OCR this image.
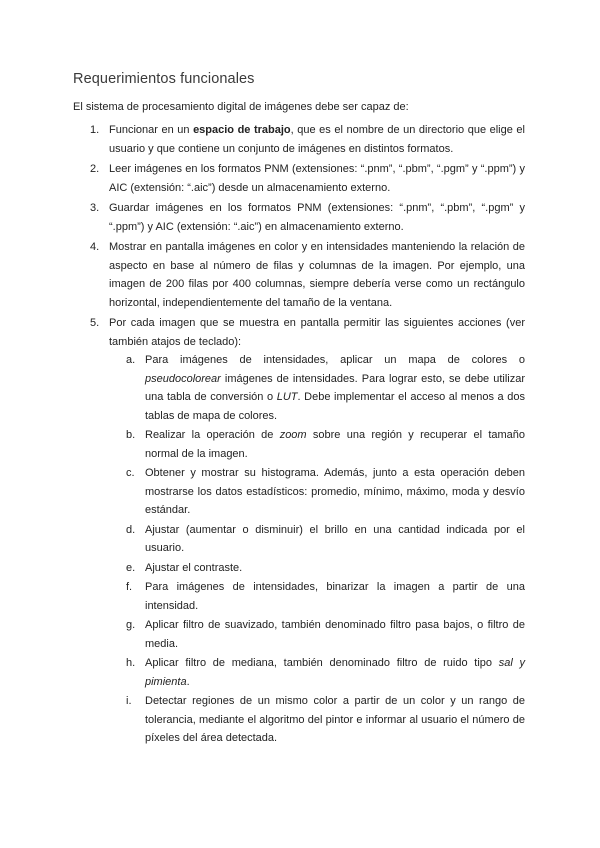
Requerimientos funcionales

El sistema de procesamiento digital de imágenes debe ser capaz de:

1. Funcionar en un espacio de trabajo, que es el nombre de un directorio que elige el usuario y que contiene un conjunto de imágenes en distintos formatos.
2. Leer imágenes en los formatos PNM (extensiones: “.pnm”, “.pbm”, “.pgm” y “.ppm”) y AIC (extensión: “.aic”) desde un almacenamiento externo.
3. Guardar imágenes en los formatos PNM (extensiones: “.pnm”, “.pbm”, “.pgm” y “.ppm”) y AIC (extensión: “.aic”) en almacenamiento externo.
4. Mostrar en pantalla imágenes en color y en intensidades manteniendo la relación de aspecto en base al número de filas y columnas de la imagen. Por ejemplo, una imagen de 200 filas por 400 columnas, siempre debería verse como un rectángulo horizontal, independientemente del tamaño de la ventana.
5. Por cada imagen que se muestra en pantalla permitir las siguientes acciones (ver también atajos de teclado):
a. Para imágenes de intensidades, aplicar un mapa de colores o pseudocolorear imágenes de intensidades. Para lograr esto, se debe utilizar una tabla de conversión o LUT. Debe implementar el acceso al menos a dos tablas de mapa de colores.
b. Realizar la operación de zoom sobre una región y recuperar el tamaño normal de la imagen.
c. Obtener y mostrar su histograma. Además, junto a esta operación deben mostrarse los datos estadísticos: promedio, mínimo, máximo, moda y desvío estándar.
d. Ajustar (aumentar o disminuir) el brillo en una cantidad indicada por el usuario.
e. Ajustar el contraste.
f. Para imágenes de intensidades, binarizar la imagen a partir de una intensidad.
g. Aplicar filtro de suavizado, también denominado filtro pasa bajos, o filtro de media.
h. Aplicar filtro de mediana, también denominado filtro de ruido tipo sal y pimienta.
i. Detectar regiones de un mismo color a partir de un color y un rango de tolerancia, mediante el algoritmo del pintor e informar al usuario el número de píxeles del área detectada.
